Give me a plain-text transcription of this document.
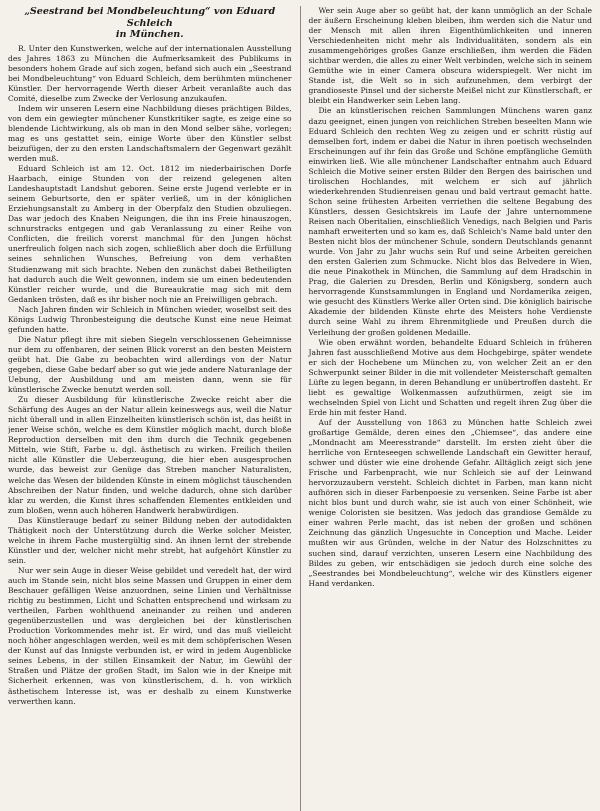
„Seestrand bei Mondbeleuchtung“ von Eduard Schleich
in München.

R. Unter den Kunstwerken, welche auf der internationalen Ausstellung des Jahres 1863 zu München die Aufmerksamkeit des Publikums in besonders hohem Grade auf sich zogen, befand sich auch ein „Seestrand bei Mondbeleuchtung“ von Eduard Schleich, dem berühmten münchener Künstler. Der hervorragende Werth dieser Arbeit veranlaßte auch das Comité, dieselbe zum Zwecke der Verlosung anzukaufen.

Indem wir unseren Lesern eine Nachbildung dieses prächtigen Bildes, von dem ein gewiegter münchener Kunstkritiker sagte, es zeige eine so blendende Lichtwirkung, als ob man in den Mond selber sähe, vorlegen; mag es uns gestattet sein, einige Worte über den Künstler selbst beizufügen, der zu den ersten Landschaftsmalern der Gegenwart gezählt werden muß.

Eduard Schleich ist am 12. Oct. 1812 im niederbairischen Dorfe Haarbach, einige Stunden von der reizend gelegenen alten Landeshauptstadt Landshut geboren. Seine erste Jugend verlebte er in seinem Geburtsorte, den er später verließ, um in der königlichen Erziehungsanstalt zu Amberg in der Oberpfalz den Studien obzuliegen. Das war jedoch des Knaben Neigungen, die ihn ins Freie hinauszogen, schnurstracks entgegen und gab Veranlassung zu einer Reihe von Conflicten, die freilich vorerst manchmal für den Jungen höchst unerfreulich folgen nach sich zogen, schließlich aber doch die Erfüllung seines sehnlichen Wunsches, Befreiung von dem verhaßten Studienzwang mit sich brachte. Neben den zunächst dabei Betheiligten hat dadurch auch die Welt gewonnen, indem sie um einen bedeutenden Künstler reicher wurde, und die Bureaukratie mag sich mit dem Gedanken trösten, daß es ihr bisher noch nie an Freiwilligen gebrach.

Nach Jahren finden wir Schleich in München wieder, woselbst seit des Königs Ludwig Thronbesteigung die deutsche Kunst eine neue Heimat gefunden hatte.

Die Natur pflegt ihre mit sieben Siegeln verschlossenen Geheimnisse nur dem zu offenbaren, der seinen Blick vorerst an den besten Meistern geübt hat. Die Gabe zu beobachten wird allerdings von der Natur gegeben, diese Gabe bedarf aber so gut wie jede andere Naturanlage der Uebung, der Ausbildung und am meisten dann, wenn sie für künstlerische Zwecke benutzt werden soll.

Zu dieser Ausbildung für künstlerische Zwecke reicht aber die Schärfung des Auges an der Natur allein keineswegs aus, weil die Natur nicht überall und in allen Einzelheiten künstlerisch schön ist, das heißt in jener Weise schön, welche es dem Künstler möglich macht, durch bloße Reproduction derselben mit den ihm durch die Technik gegebenen Mitteln, wie Stift, Farbe u. dgl. ästhetisch zu wirken. Freilich theilen nicht alle Künstler die Ueberzeugung, die hier eben ausgesprochen wurde, das beweist zur Genüge das Streben mancher Naturalisten, welche das Wesen der bildenden Künste in einem möglichst täuschenden Abschreiben der Natur finden, und welche dadurch, ohne sich darüber klar zu werden, die Kunst ihres schaffenden Elementes entkleiden und zum bloßen, wenn auch höheren Handwerk herabwürdigen.

Das Künstlerauge bedarf zu seiner Bildung neben der autodidakten Thätigkeit noch der Unterstützung durch die Werke solcher Meister, welche in ihrem Fache mustergültig sind. An ihnen lernt der strebende Künstler und der, welcher nicht mehr strebt, hat aufgehört Künstler zu sein.

Nur wer sein Auge in dieser Weise gebildet und veredelt hat, der wird auch im Stande sein, nicht blos seine Massen und Gruppen in einer dem Beschauer gefälligen Weise anzuordnen, seine Linien und Verhältnisse richtig zu bestimmen, Licht und Schatten entsprechend und wirksam zu vertheilen, Farben wohlthuend aneinander zu reihen und anderen gegenüberzustellen und was dergleichen bei der künstlerischen Production Vorkommendes mehr ist. Er wird, und das muß vielleicht noch höher angeschlagen werden, weil es mit dem schöpferischen Wesen der Kunst auf das Innigste verbunden ist, er wird in jedem Augenblicke seines Lebens, in der stillen Einsamkeit der Natur, im Gewühl der Straßen und Plätze der großen Stadt, im Salon wie in der Kneipe mit Sicherheit erkennen, was von künstlerischem, d. h. von wirklich ästhetischem Interesse ist, was er deshalb zu einem Kunstwerke verwerthen kann.

Wer sein Auge aber so geübt hat, der kann unmöglich an der Schale der äußern Erscheinung kleben bleiben, ihm werden sich die Natur und der Mensch mit allen ihren Eigenthümlichkeiten und inneren Verschiedenheiten nicht mehr als Individualitäten, sondern als ein zusammengehöriges großes Ganze erschließen, ihm werden die Fäden sichtbar werden, die alles zu einer Welt verbinden, welche sich in seinem Gemüthe wie in einer Camera obscura widerspiegelt. Wer nicht im Stande ist, die Welt so in sich aufzunehmen, dem verbirgt der grandioseste Pinsel und der sicherste Meißel nicht zur Künstlerschaft, er bleibt ein Handwerker sein Leben lang.

Die an künstlerischen reichen Sammlungen Münchens waren ganz dazu geeignet, einen jungen von reichlichen Streben beseelten Mann wie Eduard Schleich den rechten Weg zu zeigen und er schritt rüstig auf demselben fort, indem er dabei die Natur in ihren poetisch wechselnden Erscheinungen auf ihr fein das Große und Schöne empfängliche Gemüth einwirken ließ. Wie alle münchener Landschafter entnahm auch Eduard Schleich die Motive seiner ersten Bilder den Bergen des bairischen und tirolischen Hochlandes, mit welchem er sich auf jährlich wiederkehrenden Studienreisen genau und bald vertraut gemacht hatte. Schon seine frühesten Arbeiten verriethen die seltene Begabung des Künstlers, dessen Gesichtskreis im Laufe der Jahre unternommene Reisen nach Oberitalien, einschließlich Venedigs, nach Belgien und Paris namhaft erweiterten und so kam es, daß Schleich's Name bald unter den Besten nicht blos der münchener Schule, sondern Deutschlands genannt wurde. Von Jahr zu Jahr wuchs sein Ruf und seine Arbeiten gereichen den ersten Galerien zum Schmucke. Nicht blos das Belvedere in Wien, die neue Pinakothek in München, die Sammlung auf dem Hradschin in Prag, die Galerien zu Dresden, Berlin und Königsberg, sondern auch hervorragende Kunstsammlungen in England und Nordamerika zeigen, wie gesucht des Künstlers Werke aller Orten sind. Die königlich bairische Akademie der bildenden Künste ehrte des Meisters hohe Verdienste durch seine Wahl zu ihrem Ehrenmitgliede und Preußen durch die Verleihung der großen goldenen Medaille.

Wie oben erwähnt worden, behandelte Eduard Schleich in früheren Jahren fast ausschließend Motive aus dem Hochgebirge, später wendete er sich der Hochebene um München zu, von welcher Zeit an er den Schwerpunkt seiner Bilder in die mit vollendeter Meisterschaft gemalten Lüfte zu legen begann, in deren Behandlung er unübertroffen dasteht. Er liebt es gewaltige Wolkenmassen aufzuthürmen, zeigt sie im wechselnden Spiel von Licht und Schatten und regelt ihren Zug über die Erde hin mit fester Hand.

Auf der Ausstellung von 1863 zu München hatte Schleich zwei großartige Gemälde, deren eines den „Chiemsee“, das andere eine „Mondnacht am Meeresstrande“ darstellt. Im ersten zieht über die herrliche von Ernteseegen schwellende Landschaft ein Gewitter herauf, schwer und düster wie eine drohende Gefahr. Alltäglich zeigt sich jene Frische und Farbenpracht, wie nur Schleich sie auf der Leinwand hervorzuzaubern versteht. Schleich dichtet in Farben, man kann nicht aufhören sich in dieser Farbenpoesie zu versenken. Seine Farbe ist aber nicht blos bunt und durch wahr, sie ist auch von einer Schönheit, wie wenige Coloristen sie besitzen. Was jedoch das grandiose Gemälde zu einer wahren Perle macht, das ist neben der großen und schönen Zeichnung das gänzlich Ungesuchte in Conception und Mache. Leider mußten wir aus Gründen, welche in der Natur des Holzschnittes zu suchen sind, darauf verzichten, unseren Lesern eine Nachbildung des Bildes zu geben, wir entschädigen sie jedoch durch eine solche des „Seestrandes bei Mondbeleuchtung“, welche wir des Künstlers eigener Hand verdanken.
